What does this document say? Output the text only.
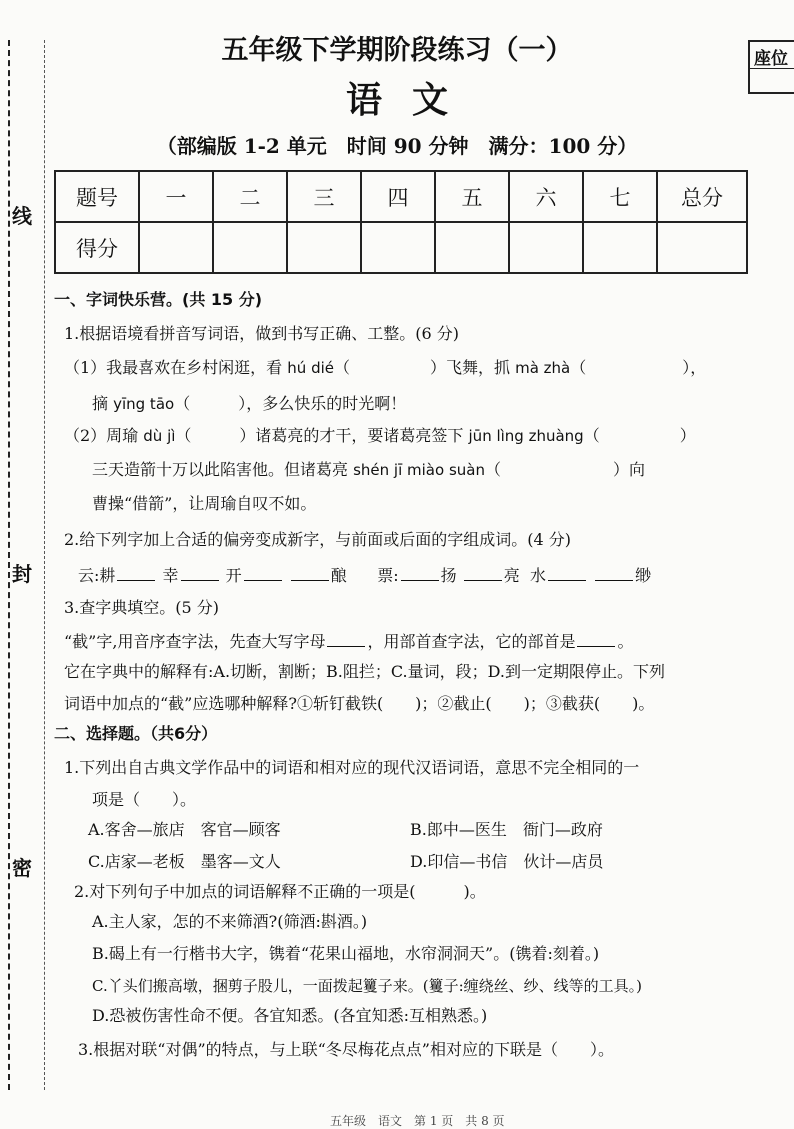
线
封
密
座位
五年级下学期阶段练习（一）
语文
（部编版 1-2 单元　时间 90 分钟　满分：100 分）
题号	一	二	三	四	五	六	七	总分
得分								
一、字词快乐营。(共 15 分)
1.根据语境看拼音写词语，做到书写正确、工整。(6 分)
（1）我最喜欢在乡村闲逛，看 hú dié（　　　　　）飞舞，抓 mà zhà（　　　　　　），
摘 yīng tāo（　　　），多么快乐的时光啊！
（2）周瑜 dù jì（　　　）诸葛亮的才干，要诸葛亮签下 jūn lìng zhuàng（　　　　　）
三天造箭十万以此陷害他。但诸葛亮 shén jī miào suàn（　　　　　　　）向
曹操“借箭”，让周瑜自叹不如。
2.给下列字加上合适的偏旁变成新字，与前面或后面的字组成词。(4 分)
云:耕	幸	开	酿 票:	扬	亮 水	缈
3.查字典填空。(5 分)
“截”字,用音序查字法，先查大写字母	，用部首查字法，它的部首是	。
它在字典中的解释有:A.切断，割断；B.阻拦；C.量词，段；D.到一定期限停止。下列
词语中加点的“截”应选哪种解释?①斩钉截铁(　　)；②截止(　　)；③截获(　　)。
二、选择题。（共6分）
1.下列出自古典文学作品中的词语和相对应的现代汉语词语，意思不完全相同的一
项是（　　）。
A.客舍—旅店　客官—顾客	B.郎中—医生　衙门—政府
C.店家—老板　墨客—文人	D.印信—书信　伙计—店员
2.对下列句子中加点的词语解释不正确的一项是(　　　)。
A.主人家，怎的不来筛酒?(筛酒:斟酒。)
B.碣上有一行楷书大字，镌着“花果山福地，水帘洞洞天”。(镌着:刻着。)
C.丫头们搬高墩，捆剪子股儿，一面拨起籰子来。(籰子:缠绕丝、纱、线等的工具。)
D.恐被伤害性命不便。各宜知悉。(各宜知悉:互相熟悉。)
3.根据对联“对偶”的特点，与上联“冬尽梅花点点”相对应的下联是（　　）。
五年级　语文　第 1 页　共 8 页
